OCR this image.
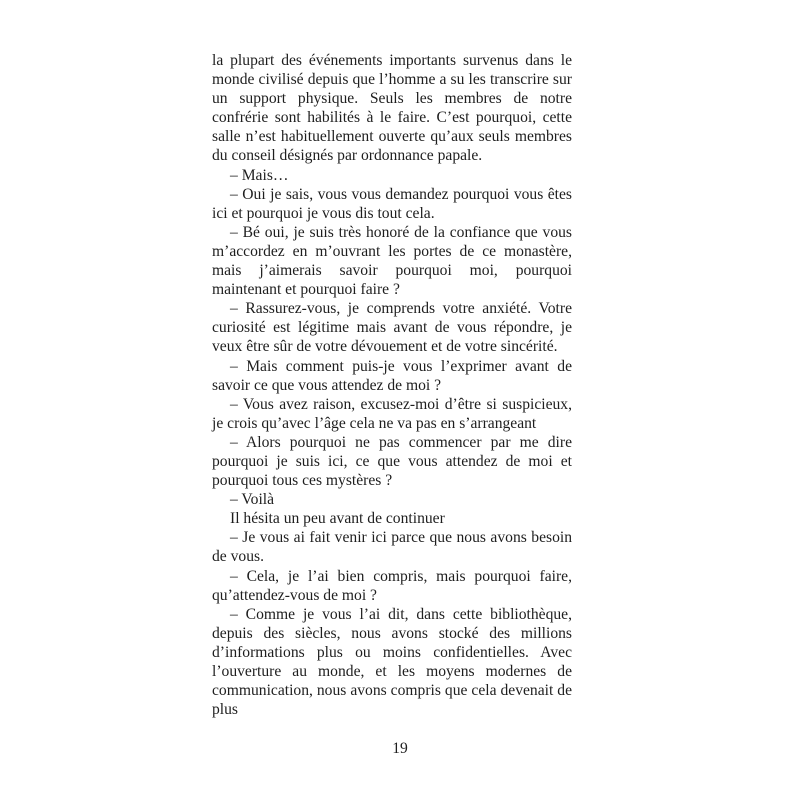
la plupart des événements importants survenus dans le monde civilisé depuis que l’homme a su les transcrire sur un support physique. Seuls les membres de notre confrérie sont habilités à le faire. C’est pourquoi, cette salle n’est habituellement ouverte qu’aux seuls membres du conseil désignés par ordonnance papale.

– Mais…

– Oui je sais, vous vous demandez pourquoi vous êtes ici et pourquoi je vous dis tout cela.

– Bé oui, je suis très honoré de la confiance que vous m’accordez en m’ouvrant les portes de ce monastère, mais j’aimerais savoir pourquoi moi, pourquoi maintenant et pourquoi faire ?

– Rassurez-vous, je comprends votre anxiété. Votre curiosité est légitime mais avant de vous répondre, je veux être sûr de votre dévouement et de votre sincérité.

– Mais comment puis-je vous l’exprimer avant de savoir ce que vous attendez de moi ?

– Vous avez raison, excusez-moi d’être si suspicieux, je crois qu’avec l’âge cela ne va pas en s’arrangeant

– Alors pourquoi ne pas commencer par me dire pourquoi je suis ici, ce que vous attendez de moi et pourquoi tous ces mystères ?

– Voilà

Il hésita un peu avant de continuer

– Je vous ai fait venir ici parce que nous avons besoin de vous.

– Cela, je l’ai bien compris, mais pourquoi faire, qu’attendez-vous de moi ?

– Comme je vous l’ai dit, dans cette bibliothèque, depuis des siècles, nous avons stocké des millions d’informations plus ou moins confidentielles. Avec l’ouverture au monde, et les moyens modernes de communication, nous avons compris que cela devenait de plus

19
